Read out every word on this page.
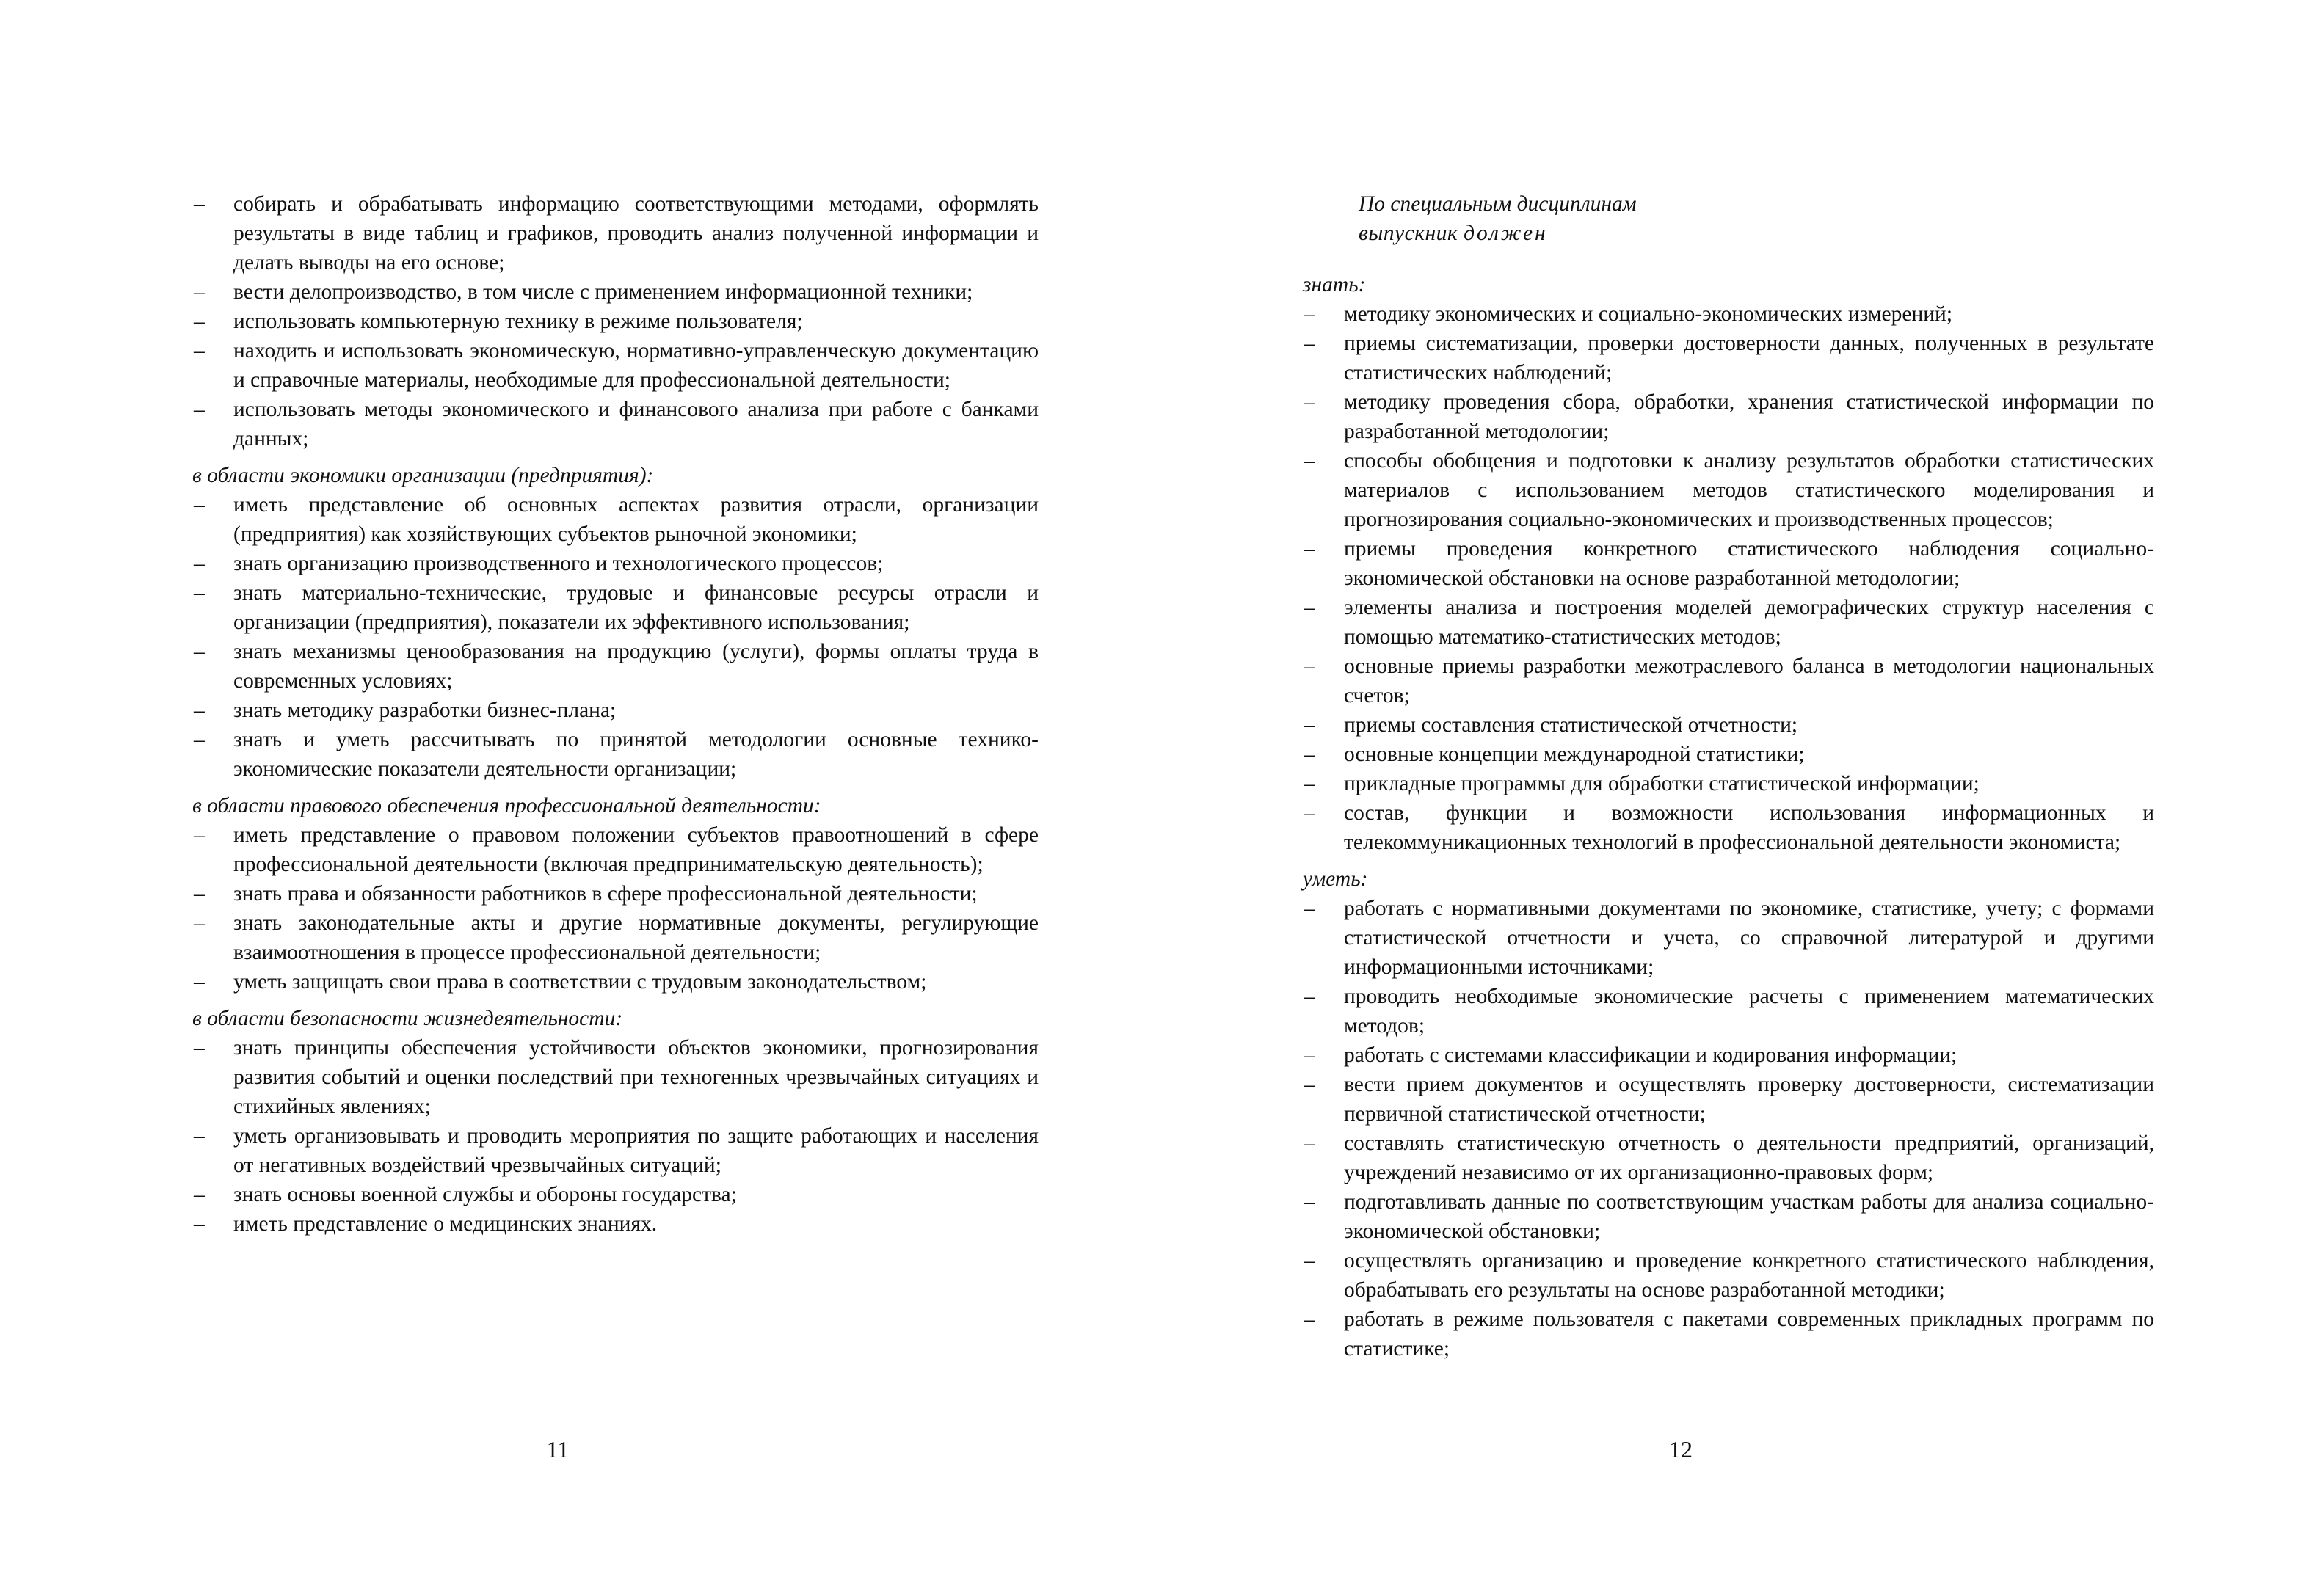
– собирать и обрабатывать информацию соответствующими методами, оформлять результаты в виде таблиц и графиков, проводить анализ полученной информации и делать выводы на его основе;
– вести делопроизводство, в том числе с применением информационной техники;
– использовать компьютерную технику в режиме пользователя;
– находить и использовать экономическую, нормативно-управленческую документацию и справочные материалы, необходимые для профессиональной деятельности;
– использовать методы экономического и финансового анализа при работе с банками данных;

в области экономики организации (предприятия):

– иметь представление об основных аспектах развития отрасли, организации (предприятия) как хозяйствующих субъектов рыночной экономики;
– знать организацию производственного и технологического процессов;
– знать материально-технические, трудовые и финансовые ресурсы отрасли и организации (предприятия), показатели их эффективного использования;
– знать механизмы ценообразования на продукцию (услуги), формы оплаты труда в современных условиях;
– знать методику разработки бизнес-плана;
– знать и уметь рассчитывать по принятой методологии основные технико-экономические показатели деятельности организации;

в области правового обеспечения профессиональной деятельности:

– иметь представление о правовом положении субъектов правоотношений в сфере профессиональной деятельности (включая предпринимательскую деятельность);
– знать права и обязанности работников в сфере профессиональной деятельности;
– знать законодательные акты и другие нормативные документы, регулирующие взаимоотношения в процессе профессиональной деятельности;
– уметь защищать свои права в соответствии с трудовым законодательством;

в области безопасности жизнедеятельности:

– знать принципы обеспечения устойчивости объектов экономики, прогнозирования развития событий и оценки последствий при техногенных чрезвычайных ситуациях и стихийных явлениях;
– уметь организовывать и проводить мероприятия по защите работающих и населения от негативных воздействий чрезвычайных ситуаций;
– знать основы военной службы и обороны государства;
– иметь представление о медицинских знаниях.
11
По специальным дисциплинам
выпускник должен

знать:

– методику экономических и социально-экономических измерений;
– приемы систематизации, проверки достоверности данных, полученных в результате статистических наблюдений;
– методику проведения сбора, обработки, хранения статистической информации по разработанной методологии;
– способы обобщения и подготовки к анализу результатов обработки статистических материалов с использованием методов статистического моделирования и прогнозирования социально-экономических и производственных процессов;
– приемы проведения конкретного статистического наблюдения социально-экономической обстановки на основе разработанной методологии;
– элементы анализа и построения моделей демографических структур населения с помощью математико-статистических методов;
– основные приемы разработки межотраслевого баланса в методологии национальных счетов;
– приемы составления статистической отчетности;
– основные концепции международной статистики;
– прикладные программы для обработки статистической информации;
– состав, функции и возможности использования информационных и телекоммуникационных технологий в профессиональной деятельности экономиста;

уметь:

– работать с нормативными документами по экономике, статистике, учету; с формами статистической отчетности и учета, со справочной литературой и другими информационными источниками;
– проводить необходимые экономические расчеты с применением математических методов;
– работать с системами классификации и кодирования информации;
– вести прием документов и осуществлять проверку достоверности, систематизации первичной статистической отчетности;
– составлять статистическую отчетность о деятельности предприятий, организаций, учреждений независимо от их организационно-правовых форм;
– подготавливать данные по соответствующим участкам работы для анализа социально-экономической обстановки;
– осуществлять организацию и проведение конкретного статистического наблюдения, обрабатывать его результаты на основе разработанной методики;
– работать в режиме пользователя с пакетами современных прикладных программ по статистике;
12
